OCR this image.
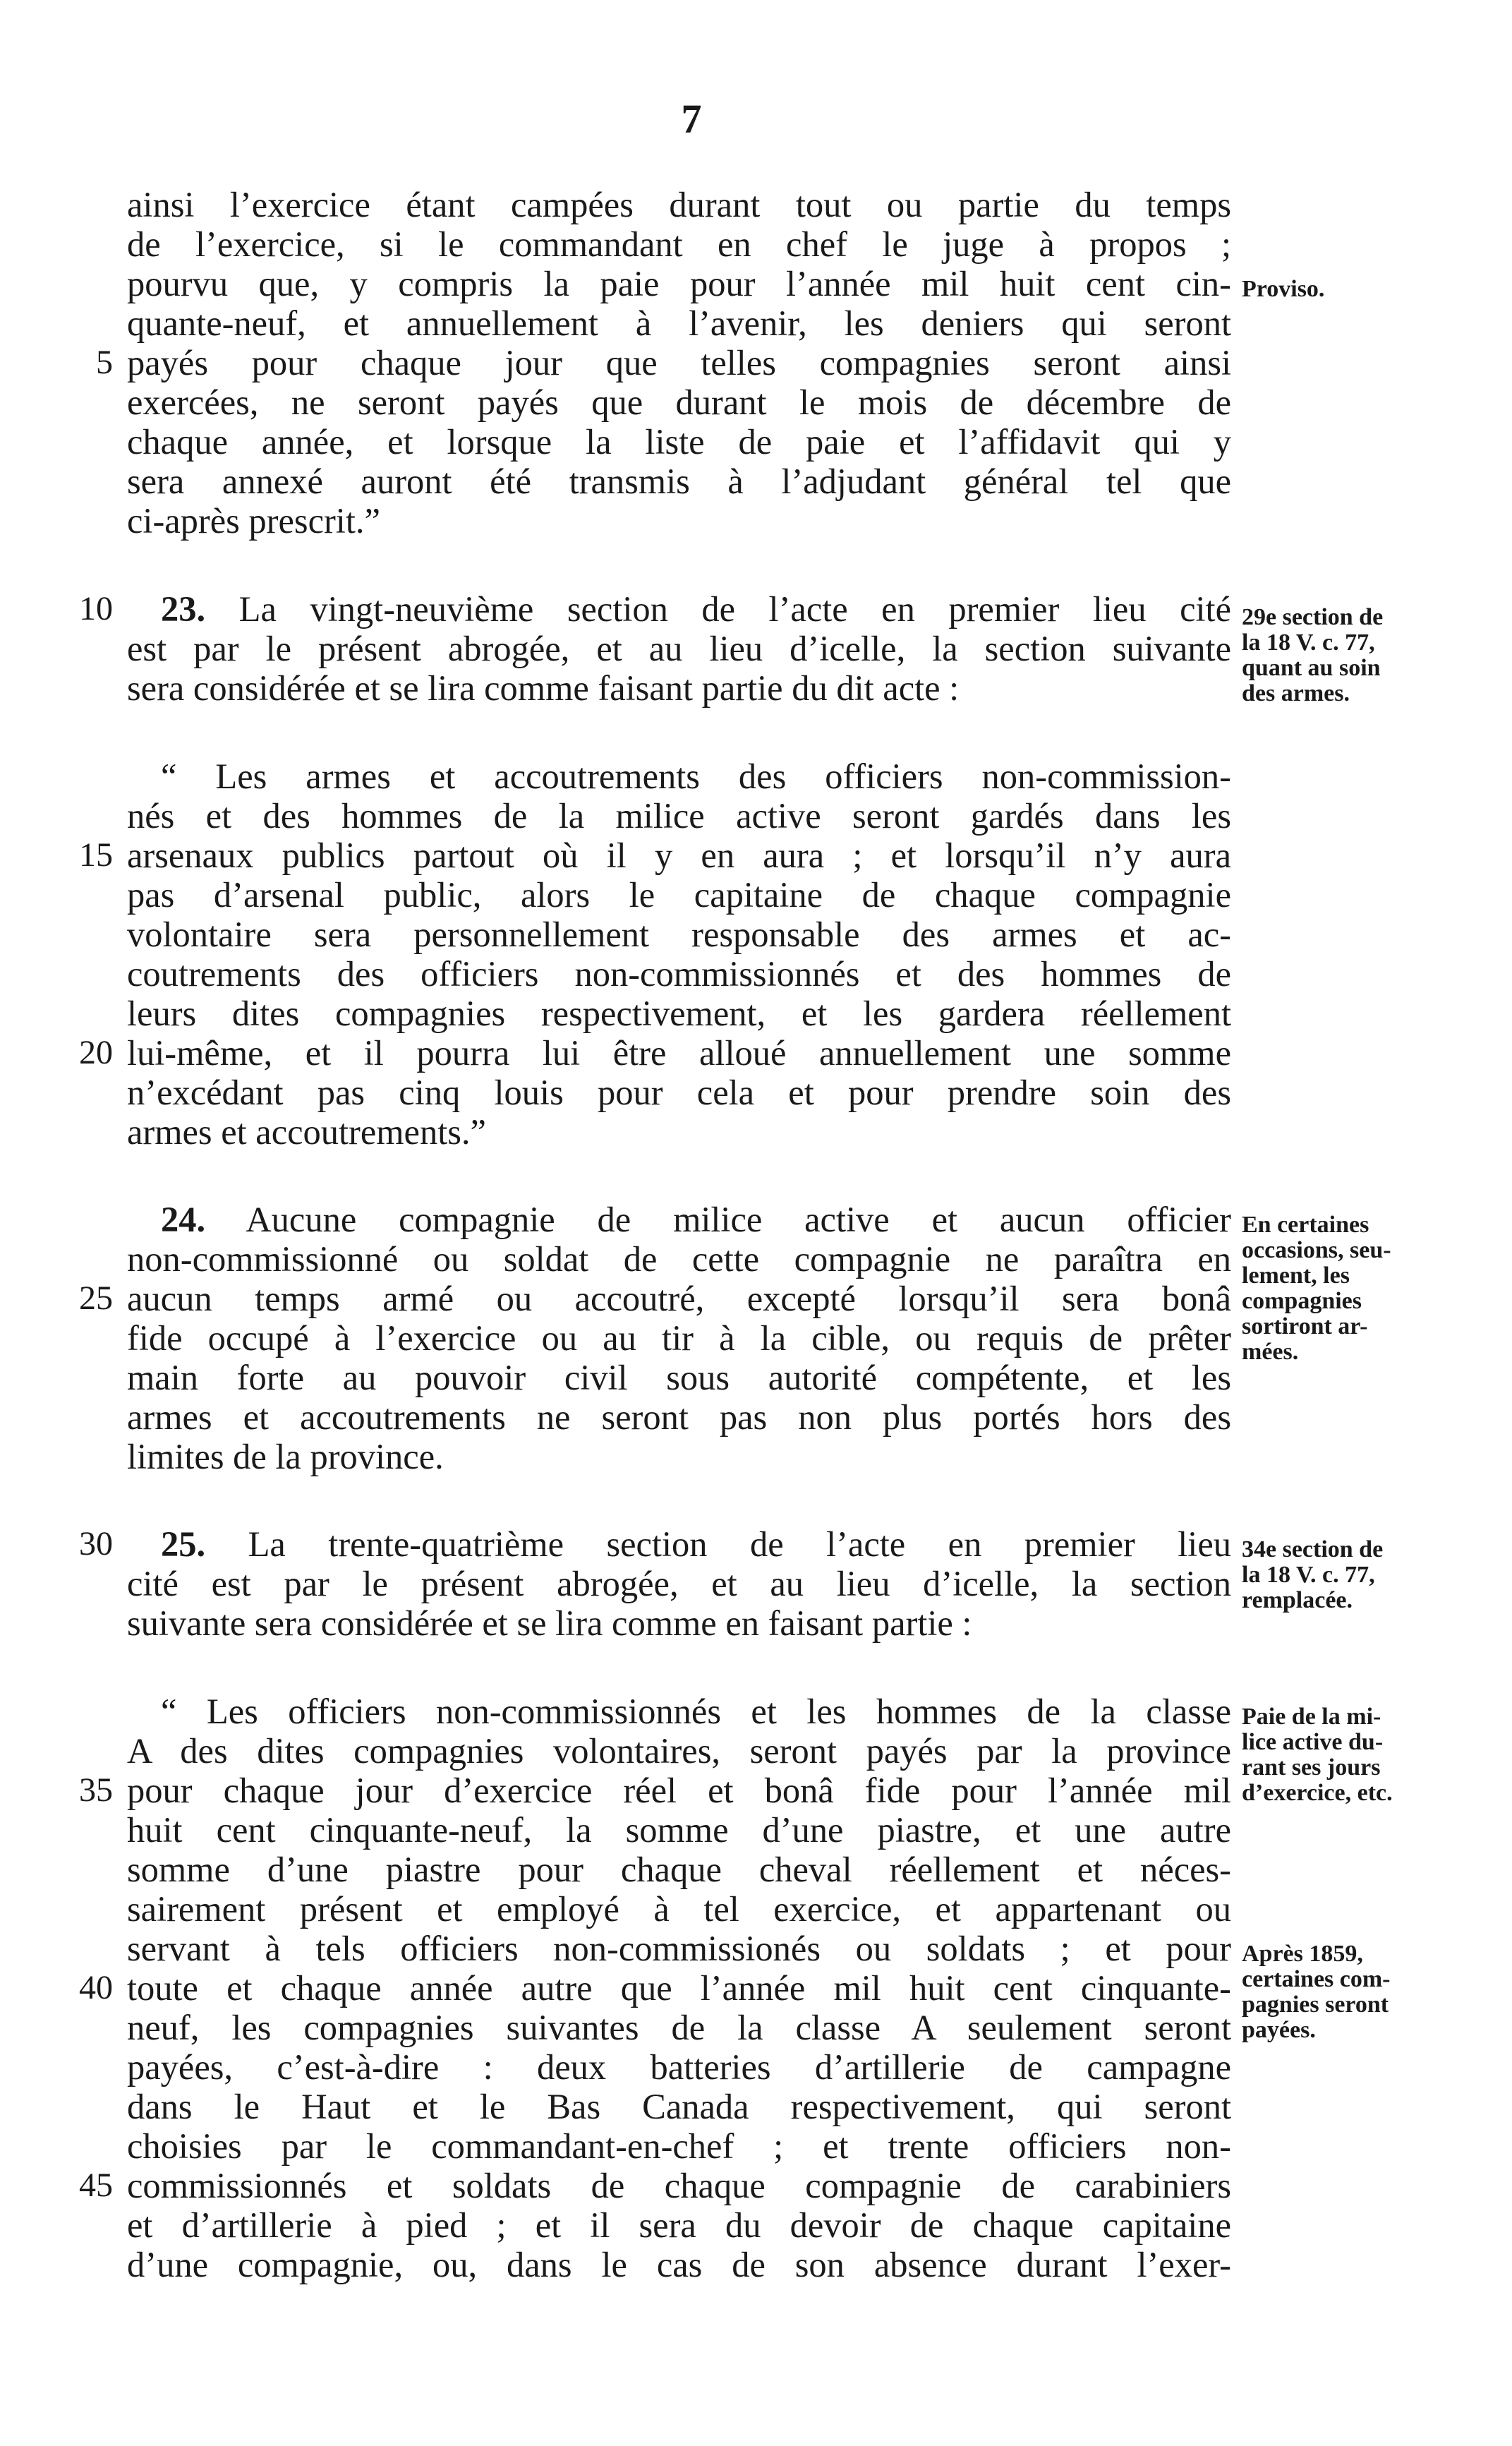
7
ainsi l’exercice étant campées durant tout ou partie du temps
de l’exercice, si le commandant en chef le juge à propos ;
pourvu que, y compris la paie pour l’année mil huit cent cin-
quante-neuf, et annuellement à l’avenir, les deniers qui seront
payés pour chaque jour que telles compagnies seront ainsi
exercées, ne seront payés que durant le mois de décembre de
chaque année, et lorsque la liste de paie et l’affidavit qui y
sera annexé auront été transmis à l’adjudant général tel que
ci-après prescrit.”
23. La vingt-neuvième section de l’acte en premier lieu cité
est par le présent abrogée, et au lieu d’icelle, la section suivante
sera considérée et se lira comme faisant partie du dit acte :
“ Les armes et accoutrements des officiers non-commission-
nés et des hommes de la milice active seront gardés dans les
arsenaux publics partout où il y en aura ; et lorsqu’il n’y aura
pas d’arsenal public, alors le capitaine de chaque compagnie
volontaire sera personnellement responsable des armes et ac-
coutrements des officiers non-commissionnés et des hommes de
leurs dites compagnies respectivement, et les gardera réellement
lui-même, et il pourra lui être alloué annuellement une somme
n’excédant pas cinq louis pour cela et pour prendre soin des
armes et accoutrements.”
24. Aucune compagnie de milice active et aucun officier
non-commissionné ou soldat de cette compagnie ne paraîtra en
aucun temps armé ou accoutré, excepté lorsqu’il sera bonâ
fide occupé à l’exercice ou au tir à la cible, ou requis de prêter
main forte au pouvoir civil sous autorité compétente, et les
armes et accoutrements ne seront pas non plus portés hors des
limites de la province.
25. La trente-quatrième section de l’acte en premier lieu
cité est par le présent abrogée, et au lieu d’icelle, la section
suivante sera considérée et se lira comme en faisant partie :
“ Les officiers non-commissionnés et les hommes de la classe
A des dites compagnies volontaires, seront payés par la province
pour chaque jour d’exercice réel et bonâ fide pour l’année mil
huit cent cinquante-neuf, la somme d’une piastre, et une autre
somme d’une piastre pour chaque cheval réellement et néces-
sairement présent et employé à tel exercice, et appartenant ou
servant à tels officiers non-commissionés ou soldats ; et pour
toute et chaque année autre que l’année mil huit cent cinquante-
neuf, les compagnies suivantes de la classe A seulement seront
payées, c’est-à-dire : deux batteries d’artillerie de campagne
dans le Haut et le Bas Canada respectivement, qui seront
choisies par le commandant-en-chef ; et trente officiers non-
commissionnés et soldats de chaque compagnie de carabiniers
et d’artillerie à pied ; et il sera du devoir de chaque capitaine
d’une compagnie, ou, dans le cas de son absence durant l’exer-
5
10
15
20
25
30
35
40
45
Proviso.
29e section de
la 18 V. c. 77,
quant au soin
des armes.
En certaines
occasions, seu-
lement, les
compagnies
sortiront ar-
mées.
34e section de
la 18 V. c. 77,
remplacée.
Paie de la mi-
lice active du-
rant ses jours
d’exercice, etc.
Après 1859,
certaines com-
pagnies seront
payées.
